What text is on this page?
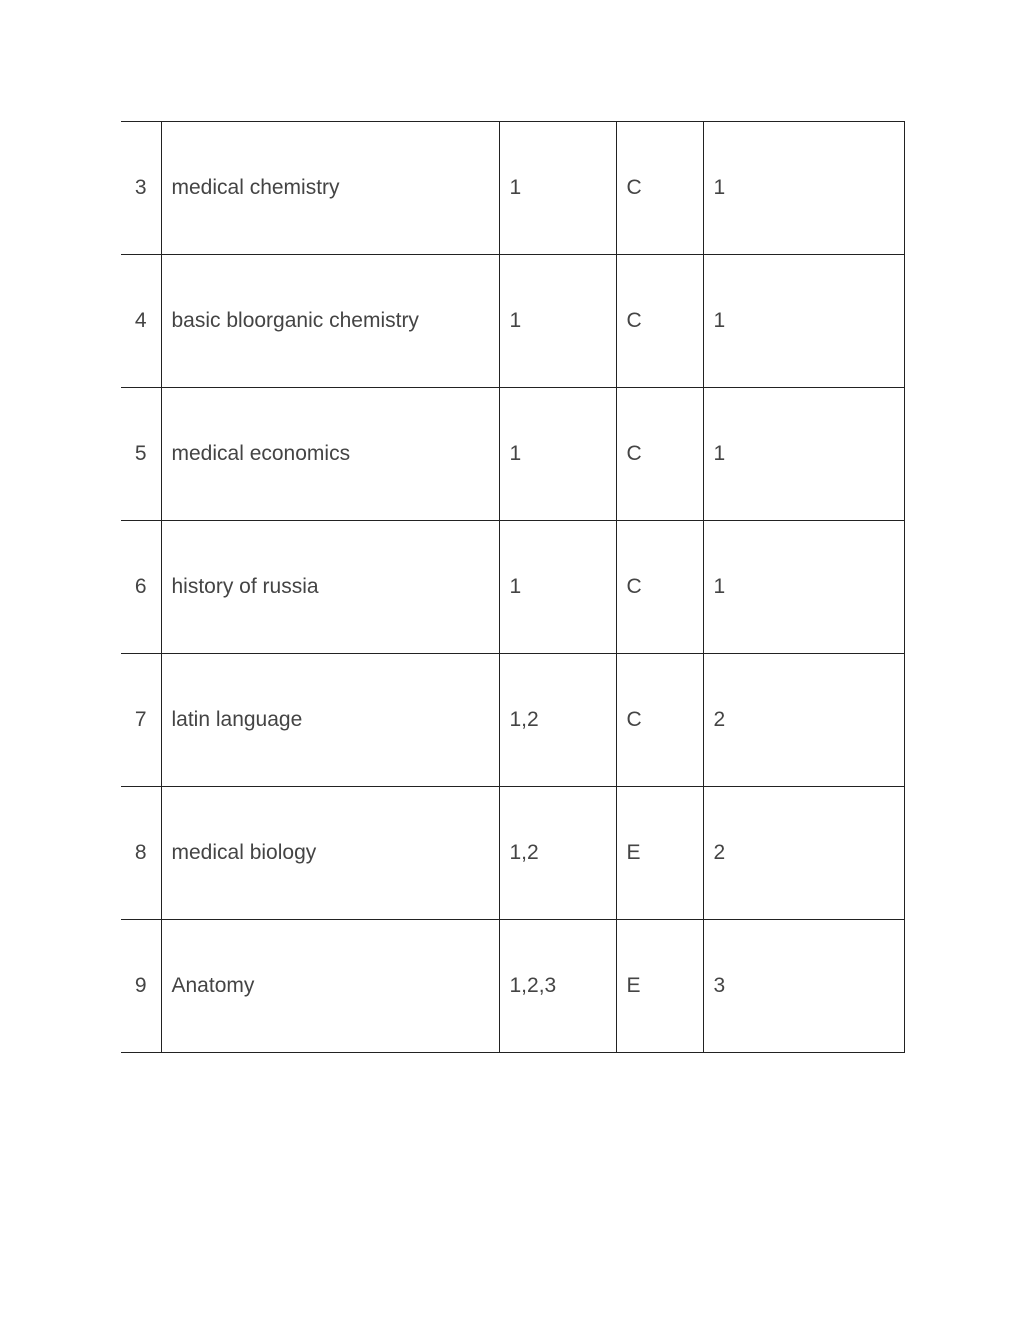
3	medical chemistry	1	C	1
4	basic bloorganic chemistry	1	C	1
5	medical economics	1	C	1
6	history of russia	1	C	1
7	latin language	1,2	C	2
8	medical biology	1,2	E	2
9	Anatomy	1,2,3	E	3
